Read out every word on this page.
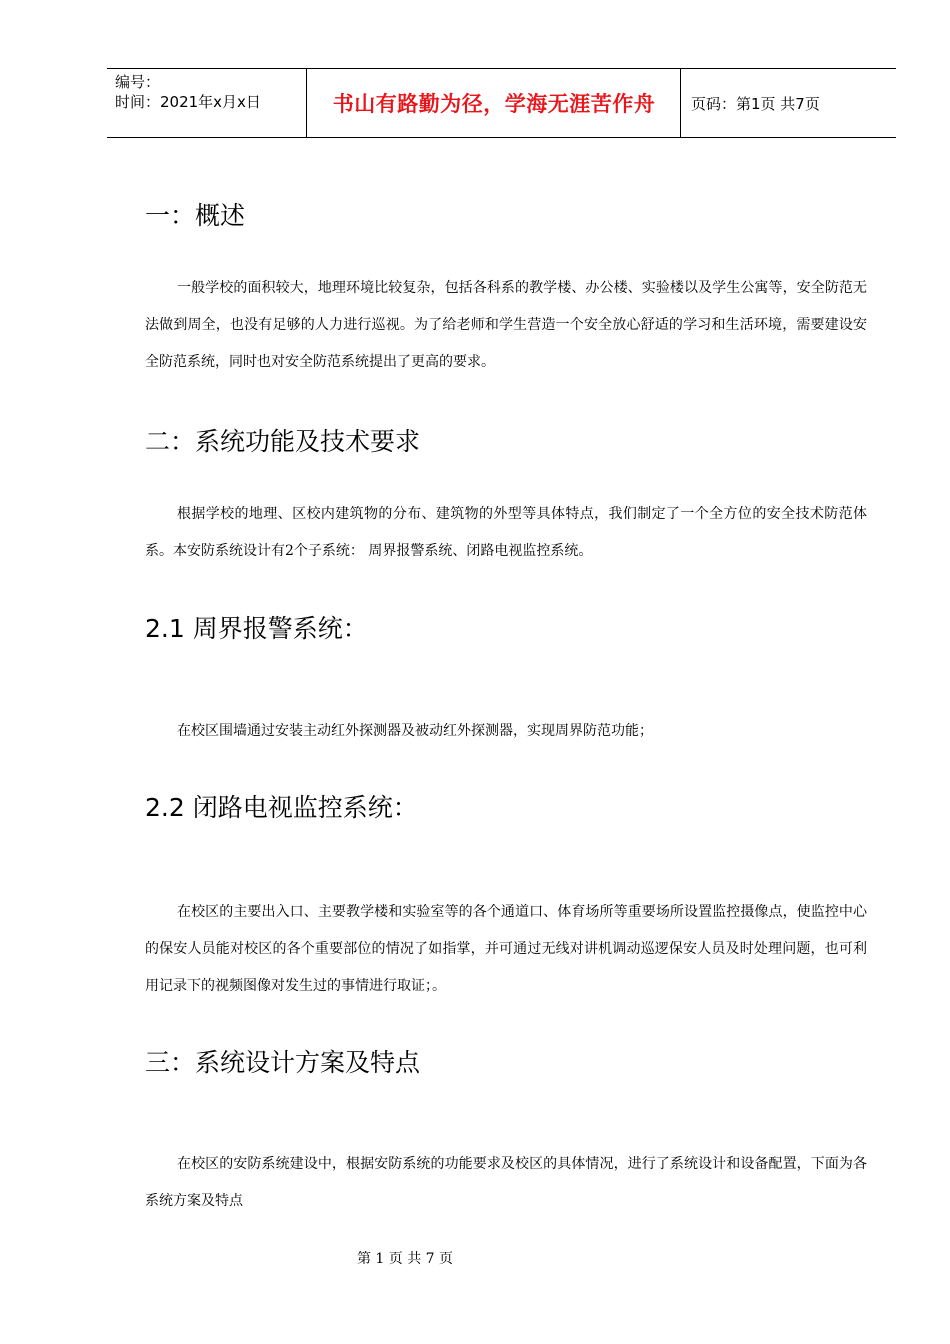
编号：
时间：2021年x月x日	书山有路勤为径，学海无涯苦作舟 页码：第1页 共7页
一：概述
一般学校的面积较大，地理环境比较复杂，包括各科系的教学楼、办公楼、实验楼以及学生公寓等，安全防范无法做到周全，也没有足够的人力进行巡视。为了给老师和学生营造一个安全放心舒适的学习和生活环境，需要建设安全防范系统，同时也对安全防范系统提出了更高的要求。
二：系统功能及技术要求
根据学校的地理、区校内建筑物的分布、建筑物的外型等具体特点，我们制定了一个全方位的安全技术防范体系。本安防系统设计有2个子系统： 周界报警系统、闭路电视监控系统。
2.1 周界报警系统：
在校区围墙通过安装主动红外探测器及被动红外探测器，实现周界防范功能；
2.2 闭路电视监控系统：
在校区的主要出入口、主要教学楼和实验室等的各个通道口、体育场所等重要场所设置监控摄像点，使监控中心的保安人员能对校区的各个重要部位的情况了如指掌，并可通过无线对讲机调动巡逻保安人员及时处理问题，也可利用记录下的视频图像对发生过的事情进行取证；。
三：系统设计方案及特点
在校区的安防系统建设中，根据安防系统的功能要求及校区的具体情况，进行了系统设计和设备配置，下面为各系统方案及特点
第 1 页 共 7 页
